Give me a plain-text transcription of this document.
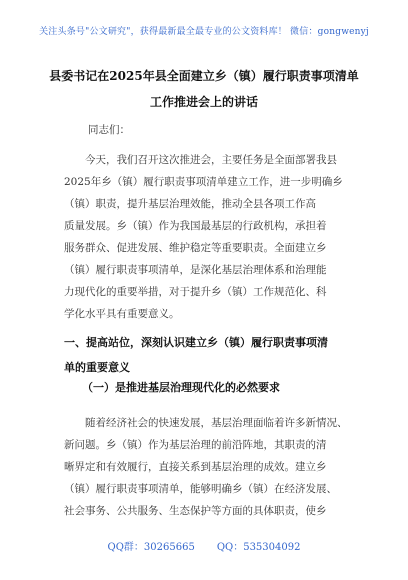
关注头条号"公文研究"，获得最新最全最专业的公文资料库！ 微信：gongwenyj
县委书记在2025年县全面建立乡（镇）履行职责事项清单
工作推进会上的讲话
同志们：
今天，我们召开这次推进会，主要任务是全面部署我县
2025年乡（镇）履行职责事项清单建立工作，进一步明确乡
（镇）职责，提升基层治理效能，推动全县各项工作高
质量发展。乡（镇）作为我国最基层的行政机构，承担着
服务群众、促进发展、维护稳定等重要职责。全面建立乡
（镇）履行职责事项清单，是深化基层治理体系和治理能
力现代化的重要举措，对于提升乡（镇）工作规范化、科
学化水平具有重要意义。
一、提高站位，深刻认识建立乡（镇）履行职责事项清
单的重要意义
（一）是推进基层治理现代化的必然要求
随着经济社会的快速发展，基层治理面临着许多新情况、
新问题。乡（镇）作为基层治理的前沿阵地，其职责的清
晰界定和有效履行，直接关系到基层治理的成效。建立乡
（镇）履行职责事项清单，能够明确乡（镇）在经济发展、
社会事务、公共服务、生态保护等方面的具体职责，使乡
QQ群：30265665 QQ：535304092
